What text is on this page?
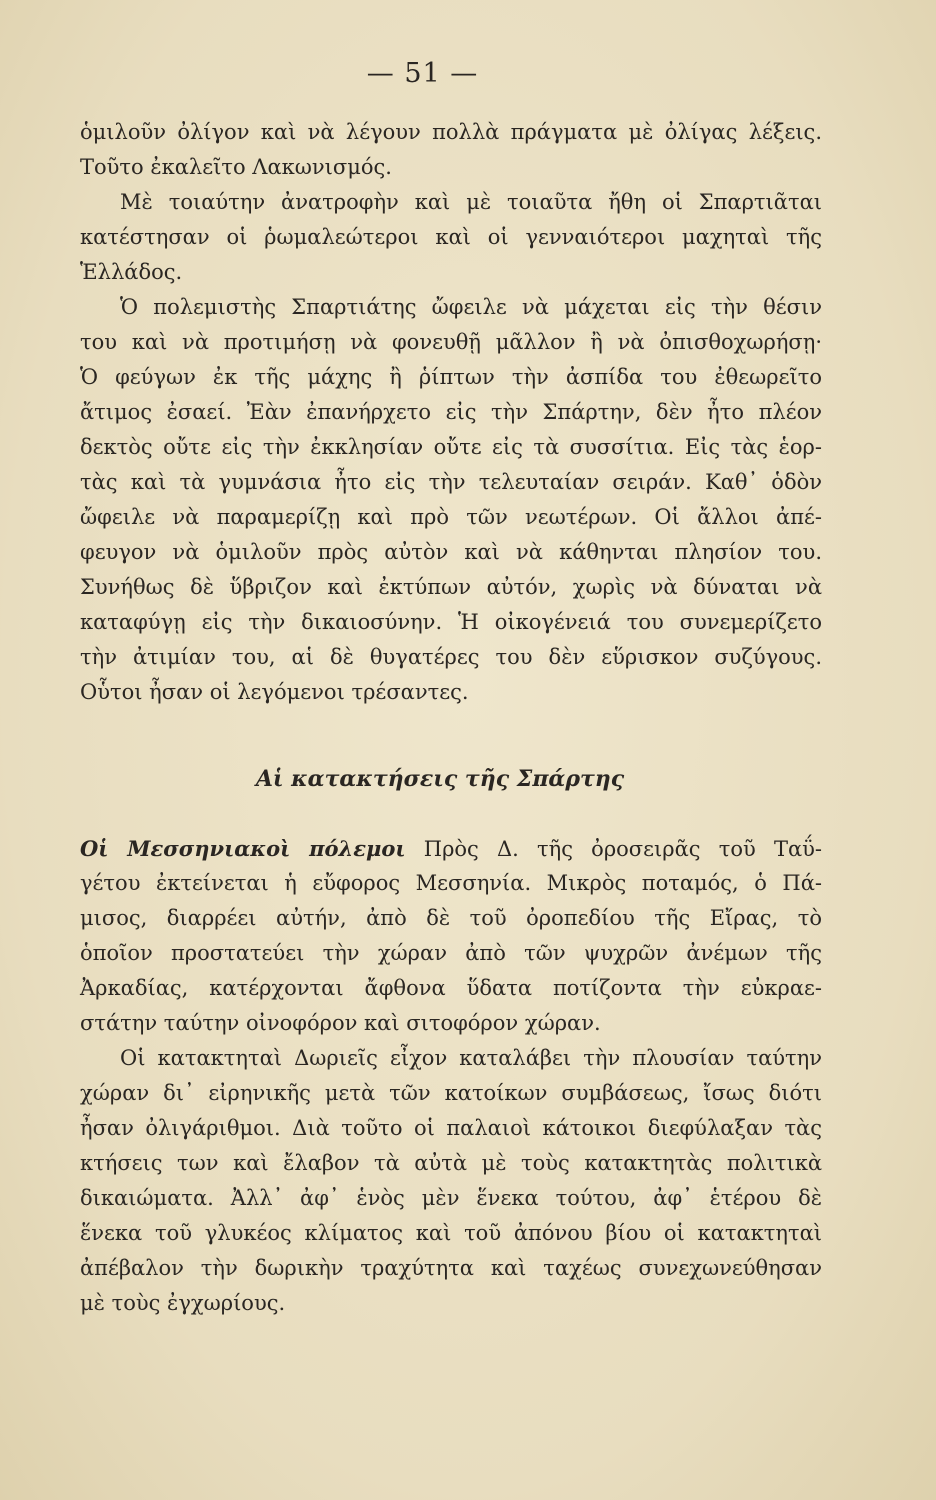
— 51 —
ὁμιλοῦν ὀλίγον καὶ νὰ λέγουν πολλὰ πράγματα μὲ ὀλίγας λέξεις.
Τοῦτο ἐκαλεῖτο Λακωνισμός.
Μὲ τοιαύτην ἀνατροφὴν καὶ μὲ τοιαῦτα ἤθη οἱ Σπαρτιᾶται
κατέστησαν οἱ ῥωμαλεώτεροι καὶ οἱ γενναιότεροι μαχηταὶ τῆς
Ἑλλάδος.
Ὁ πολεμιστὴς Σπαρτιάτης ὤφειλε νὰ μάχεται εἰς τὴν θέσιν
του καὶ νὰ προτιμήσῃ νὰ φονευθῇ μᾶλλον ἢ νὰ ὀπισθοχωρήσῃ·
Ὁ φεύγων ἐκ τῆς μάχης ἢ ῥίπτων τὴν ἀσπίδα του ἐθεωρεῖτο
ἄτιμος ἐσαεί. Ἐὰν ἐπανήρχετο εἰς τὴν Σπάρτην, δὲν ἦτο πλέον
δεκτὸς οὔτε εἰς τὴν ἐκκλησίαν οὔτε εἰς τὰ συσσίτια. Εἰς τὰς ἑορ-
τὰς καὶ τὰ γυμνάσια ἦτο εἰς τὴν τελευταίαν σειράν. Καθ᾽ ὁδὸν
ὤφειλε νὰ παραμερίζῃ καὶ πρὸ τῶν νεωτέρων. Οἱ ἄλλοι ἀπέ-
φευγον νὰ ὁμιλοῦν πρὸς αὐτὸν καὶ νὰ κάθηνται πλησίον του.
Συνήθως δὲ ὕβριζον καὶ ἐκτύπων αὐτόν, χωρὶς νὰ δύναται νὰ
καταφύγῃ εἰς τὴν δικαιοσύνην. Ἡ οἰκογένειά του συνεμερίζετο
τὴν ἀτιμίαν του, αἱ δὲ θυγατέρες του δὲν εὕρισκον συζύγους.
Οὗτοι ἦσαν οἱ λεγόμενοι τρέσαντες.
Αἱ κατακτήσεις τῆς Σπάρτης
Οἱ Μεσσηνιακοὶ πόλεμοι Πρὸς Δ. τῆς ὀροσειρᾶς τοῦ Ταΰ-
γέτου ἐκτείνεται ἡ εὔφορος Μεσσηνία. Μικρὸς ποταμός, ὁ Πά-
μισος, διαρρέει αὐτήν, ἀπὸ δὲ τοῦ ὀροπεδίου τῆς Εἴρας, τὸ
ὁποῖον προστατεύει τὴν χώραν ἀπὸ τῶν ψυχρῶν ἀνέμων τῆς
Ἀρκαδίας, κατέρχονται ἄφθονα ὕδατα ποτίζοντα τὴν εὐκραε-
στάτην ταύτην οἰνοφόρον καὶ σιτοφόρον χώραν.
Οἱ κατακτηταὶ Δωριεῖς εἶχον καταλάβει τὴν πλουσίαν ταύτην
χώραν δι᾽ εἰρηνικῆς μετὰ τῶν κατοίκων συμβάσεως, ἴσως διότι
ἦσαν ὀλιγάριθμοι. Διὰ τοῦτο οἱ παλαιοὶ κάτοικοι διεφύλαξαν τὰς
κτήσεις των καὶ ἔλαβον τὰ αὐτὰ μὲ τοὺς κατακτητὰς πολιτικὰ
δικαιώματα. Ἀλλ᾽ ἀφ᾽ ἑνὸς μὲν ἕνεκα τούτου, ἀφ᾽ ἑτέρου δὲ
ἕνεκα τοῦ γλυκέος κλίματος καὶ τοῦ ἀπόνου βίου οἱ κατακτηταὶ
ἀπέβαλον τὴν δωρικὴν τραχύτητα καὶ ταχέως συνεχωνεύθησαν
μὲ τοὺς ἐγχωρίους.
